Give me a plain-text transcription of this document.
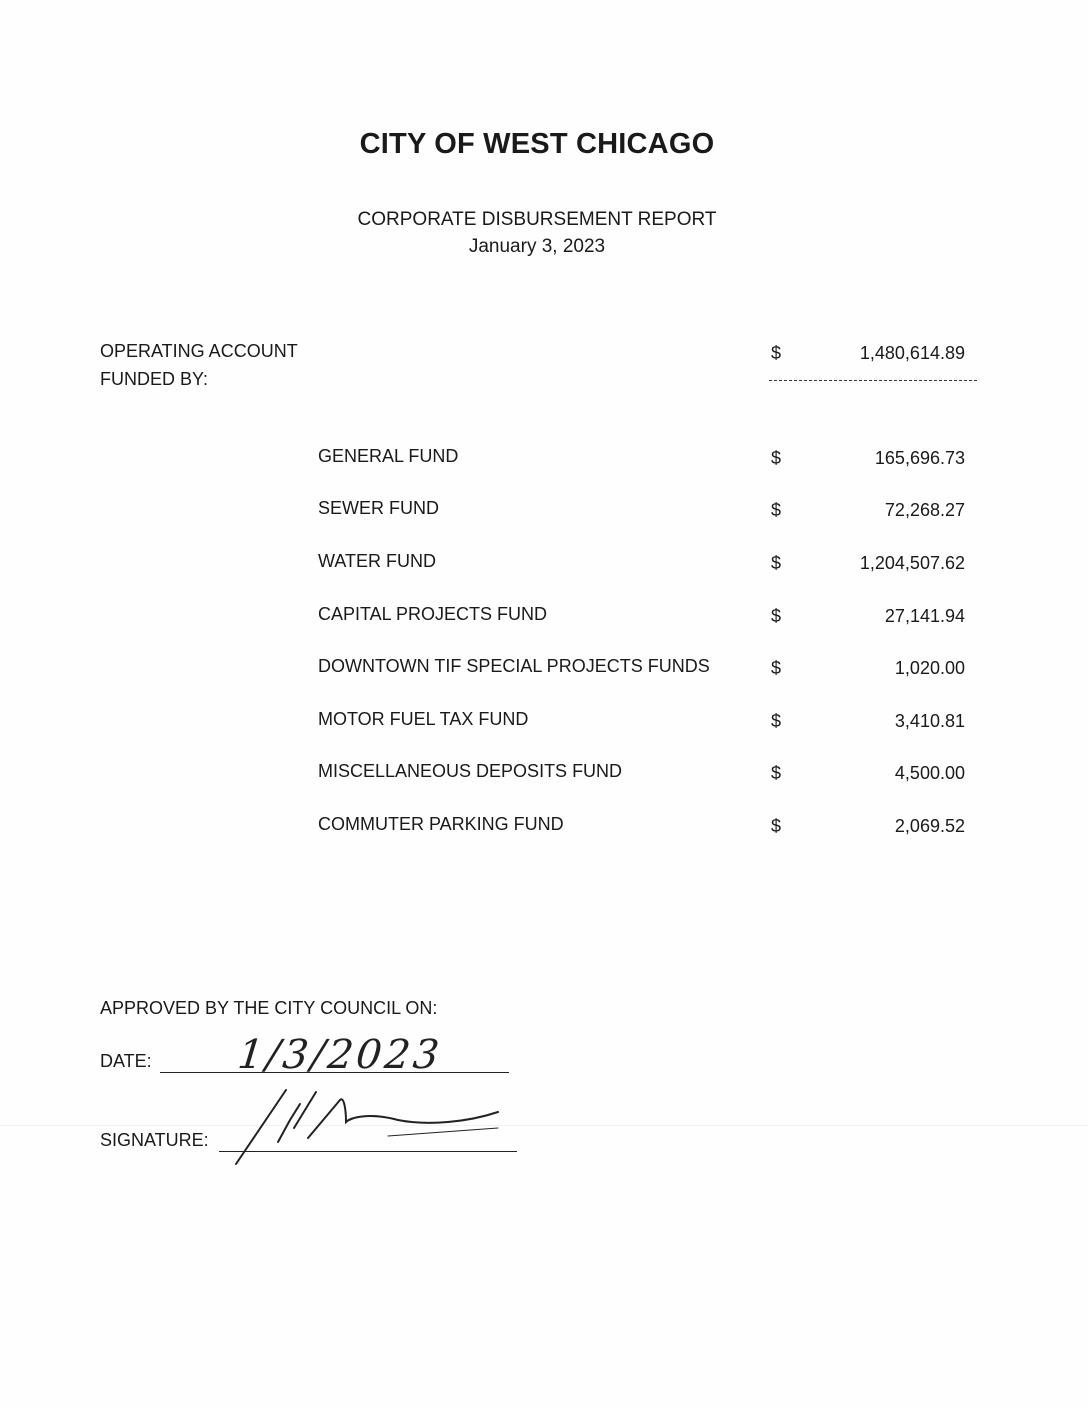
CITY OF WEST CHICAGO
CORPORATE DISBURSEMENT REPORT
January 3, 2023
OPERATING ACCOUNT
FUNDED BY:
$	1,480,614.89
GENERAL FUND	$	165,696.73
SEWER FUND	$	72,268.27
WATER FUND	$	1,204,507.62
CAPITAL PROJECTS FUND	$	27,141.94
DOWNTOWN TIF SPECIAL PROJECTS FUNDS	$	1,020.00
MOTOR FUEL TAX FUND	$	3,410.81
MISCELLANEOUS DEPOSITS FUND	$	4,500.00
COMMUTER PARKING FUND	$	2,069.52
APPROVED BY THE CITY COUNCIL ON:
DATE: 1/3/2023
SIGNATURE:
